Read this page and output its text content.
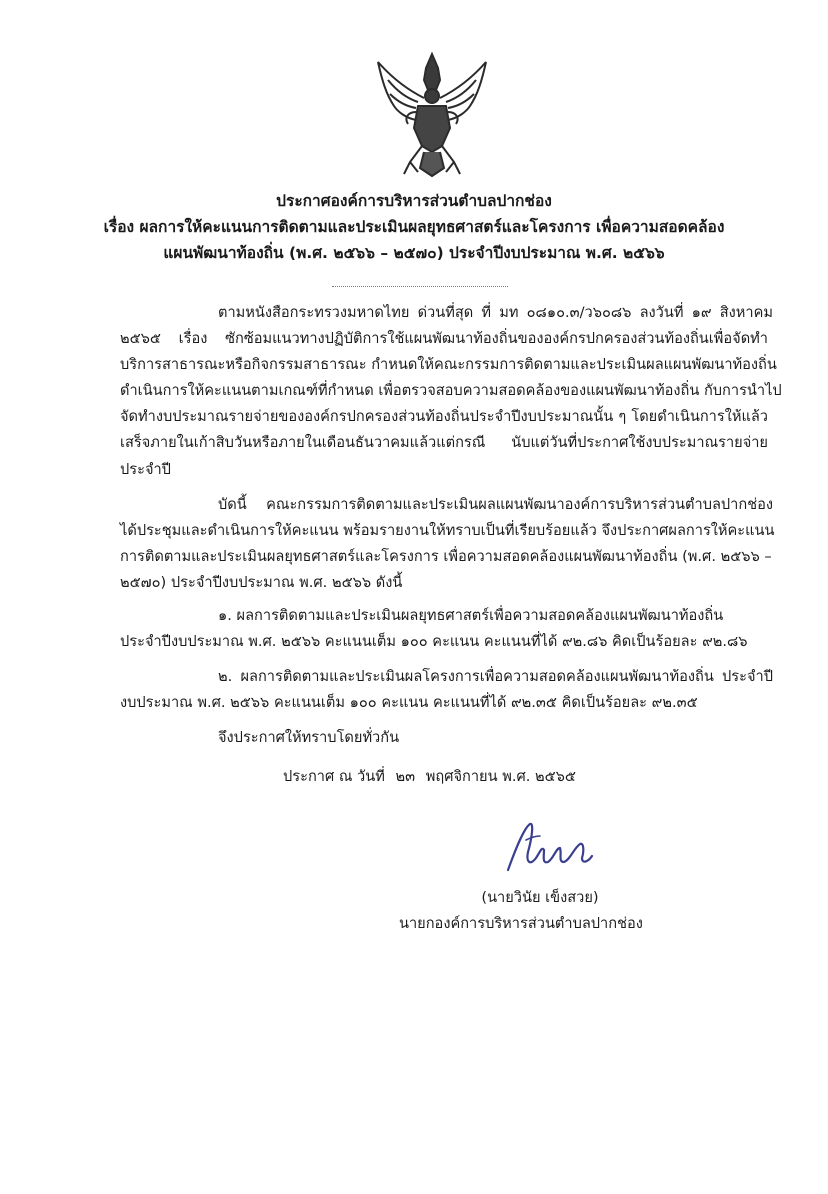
ประกาศองค์การบริหารส่วนตำบลปากช่อง
เรื่อง ผลการให้คะแนนการติดตามและประเมินผลยุทธศาสตร์และโครงการ เพื่อความสอดคล้อง
แผนพัฒนาท้องถิ่น (พ.ศ. ๒๕๖๖ – ๒๕๗๐) ประจำปีงบประมาณ พ.ศ. ๒๕๖๖
ตามหนังสือกระทรวงมหาดไทย ด่วนที่สุด ที่ มท ๐๘๑๐.๓/ว๖๐๘๖ ลงวันที่ ๑๙ สิงหาคม
๒๕๖๕ เรื่อง ซักซ้อมแนวทางปฏิบัติการใช้แผนพัฒนาท้องถิ่นขององค์กรปกครองส่วนท้องถิ่นเพื่อจัดทำ
บริการสาธารณะหรือกิจกรรมสาธารณะ กำหนดให้คณะกรรมการติดตามและประเมินผลแผนพัฒนาท้องถิ่น
ดำเนินการให้คะแนนตามเกณฑ์ที่กำหนด เพื่อตรวจสอบความสอดคล้องของแผนพัฒนาท้องถิ่น กับการนำไป
จัดทำงบประมาณรายจ่ายขององค์กรปกครองส่วนท้องถิ่นประจำปีงบประมาณนั้น ๆ โดยดำเนินการให้แล้ว
เสร็จภายในเก้าสิบวันหรือภายในเดือนธันวาคมแล้วแต่กรณี นับแต่วันที่ประกาศใช้งบประมาณรายจ่าย
ประจำปี
บัดนี้ คณะกรรมการติดตามและประเมินผลแผนพัฒนาองค์การบริหารส่วนตำบลปากช่อง
ได้ประชุมและดำเนินการให้คะแนน พร้อมรายงานให้ทราบเป็นที่เรียบร้อยแล้ว จึงประกาศผลการให้คะแนน
การติดตามและประเมินผลยุทธศาสตร์และโครงการ เพื่อความสอดคล้องแผนพัฒนาท้องถิ่น (พ.ศ. ๒๕๖๖ –
๒๕๗๐) ประจำปีงบประมาณ พ.ศ. ๒๕๖๖ ดังนี้
๑. ผลการติดตามและประเมินผลยุทธศาสตร์เพื่อความสอดคล้องแผนพัฒนาท้องถิ่น
ประจำปีงบประมาณ พ.ศ. ๒๕๖๖ คะแนนเต็ม ๑๐๐ คะแนน คะแนนที่ได้ ๙๒.๘๖ คิดเป็นร้อยละ ๙๒.๘๖
๒. ผลการติดตามและประเมินผลโครงการเพื่อความสอดคล้องแผนพัฒนาท้องถิ่น ประจำปี
งบประมาณ พ.ศ. ๒๕๖๖ คะแนนเต็ม ๑๐๐ คะแนน คะแนนที่ได้ ๙๒.๓๕ คิดเป็นร้อยละ ๙๒.๓๕
จึงประกาศให้ทราบโดยทั่วกัน
ประกาศ ณ วันที่ ๒๓ พฤศจิกายน พ.ศ. ๒๕๖๕
(นายวินัย เข็งสวย)
นายกองค์การบริหารส่วนตำบลปากช่อง
